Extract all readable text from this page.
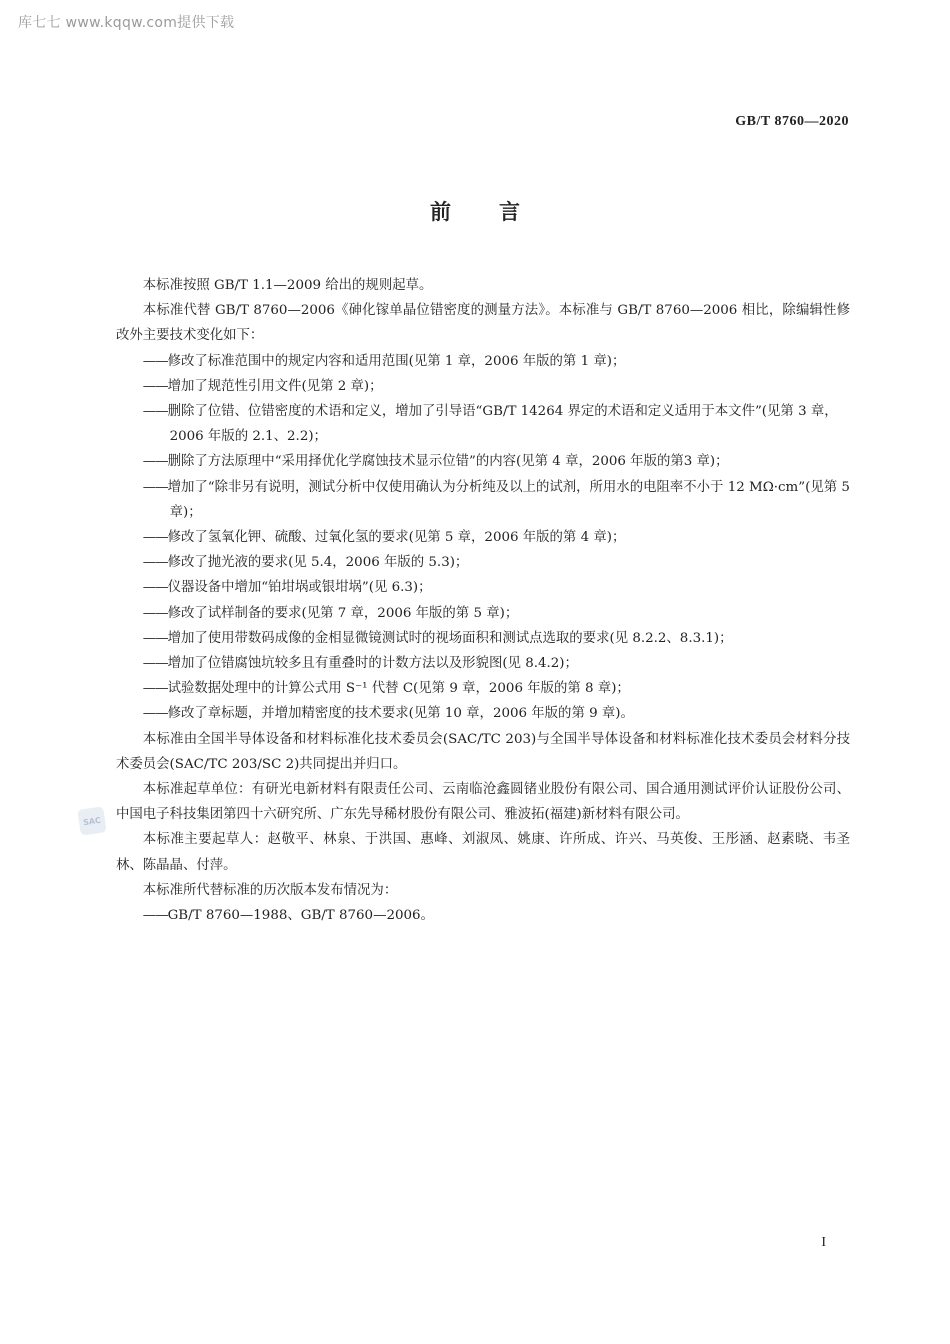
库七七 www.kqqw.com提供下载
GB/T 8760—2020
前言

本标准按照 GB/T 1.1—2009 给出的规则起草。

本标准代替 GB/T 8760—2006《砷化镓单晶位错密度的测量方法》。本标准与 GB/T 8760—2006 相比，除编辑性修改外主要技术变化如下：

——修改了标准范围中的规定内容和适用范围(见第 1 章，2006 年版的第 1 章)；

——增加了规范性引用文件(见第 2 章)；

——删除了位错、位错密度的术语和定义，增加了引导语“GB/T 14264 界定的术语和定义适用于本文件”(见第 3 章，2006 年版的 2.1、2.2)；

——删除了方法原理中“采用择优化学腐蚀技术显示位错”的内容(见第 4 章，2006 年版的第3 章)；

——增加了“除非另有说明，测试分析中仅使用确认为分析纯及以上的试剂，所用水的电阻率不小于 12 MΩ·cm”(见第 5 章)；

——修改了氢氧化钾、硫酸、过氧化氢的要求(见第 5 章，2006 年版的第 4 章)；

——修改了抛光液的要求(见 5.4，2006 年版的 5.3)；

——仪器设备中增加“铂坩埚或银坩埚”(见 6.3)；

——修改了试样制备的要求(见第 7 章，2006 年版的第 5 章)；

——增加了使用带数码成像的金相显微镜测试时的视场面积和测试点选取的要求(见 8.2.2、8.3.1)；

——增加了位错腐蚀坑较多且有重叠时的计数方法以及形貌图(见 8.4.2)；

——试验数据处理中的计算公式用 S⁻¹ 代替 C(见第 9 章，2006 年版的第 8 章)；

——修改了章标题，并增加精密度的技术要求(见第 10 章，2006 年版的第 9 章)。

本标准由全国半导体设备和材料标准化技术委员会(SAC/TC 203)与全国半导体设备和材料标准化技术委员会材料分技术委员会(SAC/TC 203/SC 2)共同提出并归口。

本标准起草单位：有研光电新材料有限责任公司、云南临沧鑫圆锗业股份有限公司、国合通用测试评价认证股份公司、中国电子科技集团第四十六研究所、广东先导稀材股份有限公司、雅波拓(福建)新材料有限公司。

本标准主要起草人：赵敬平、林泉、于洪国、惠峰、刘淑凤、姚康、许所成、许兴、马英俊、王彤涵、赵素晓、韦圣林、陈晶晶、付萍。

本标准所代替标准的历次版本发布情况为：

——GB/T 8760—1988、GB/T 8760—2006。

SAC
I
